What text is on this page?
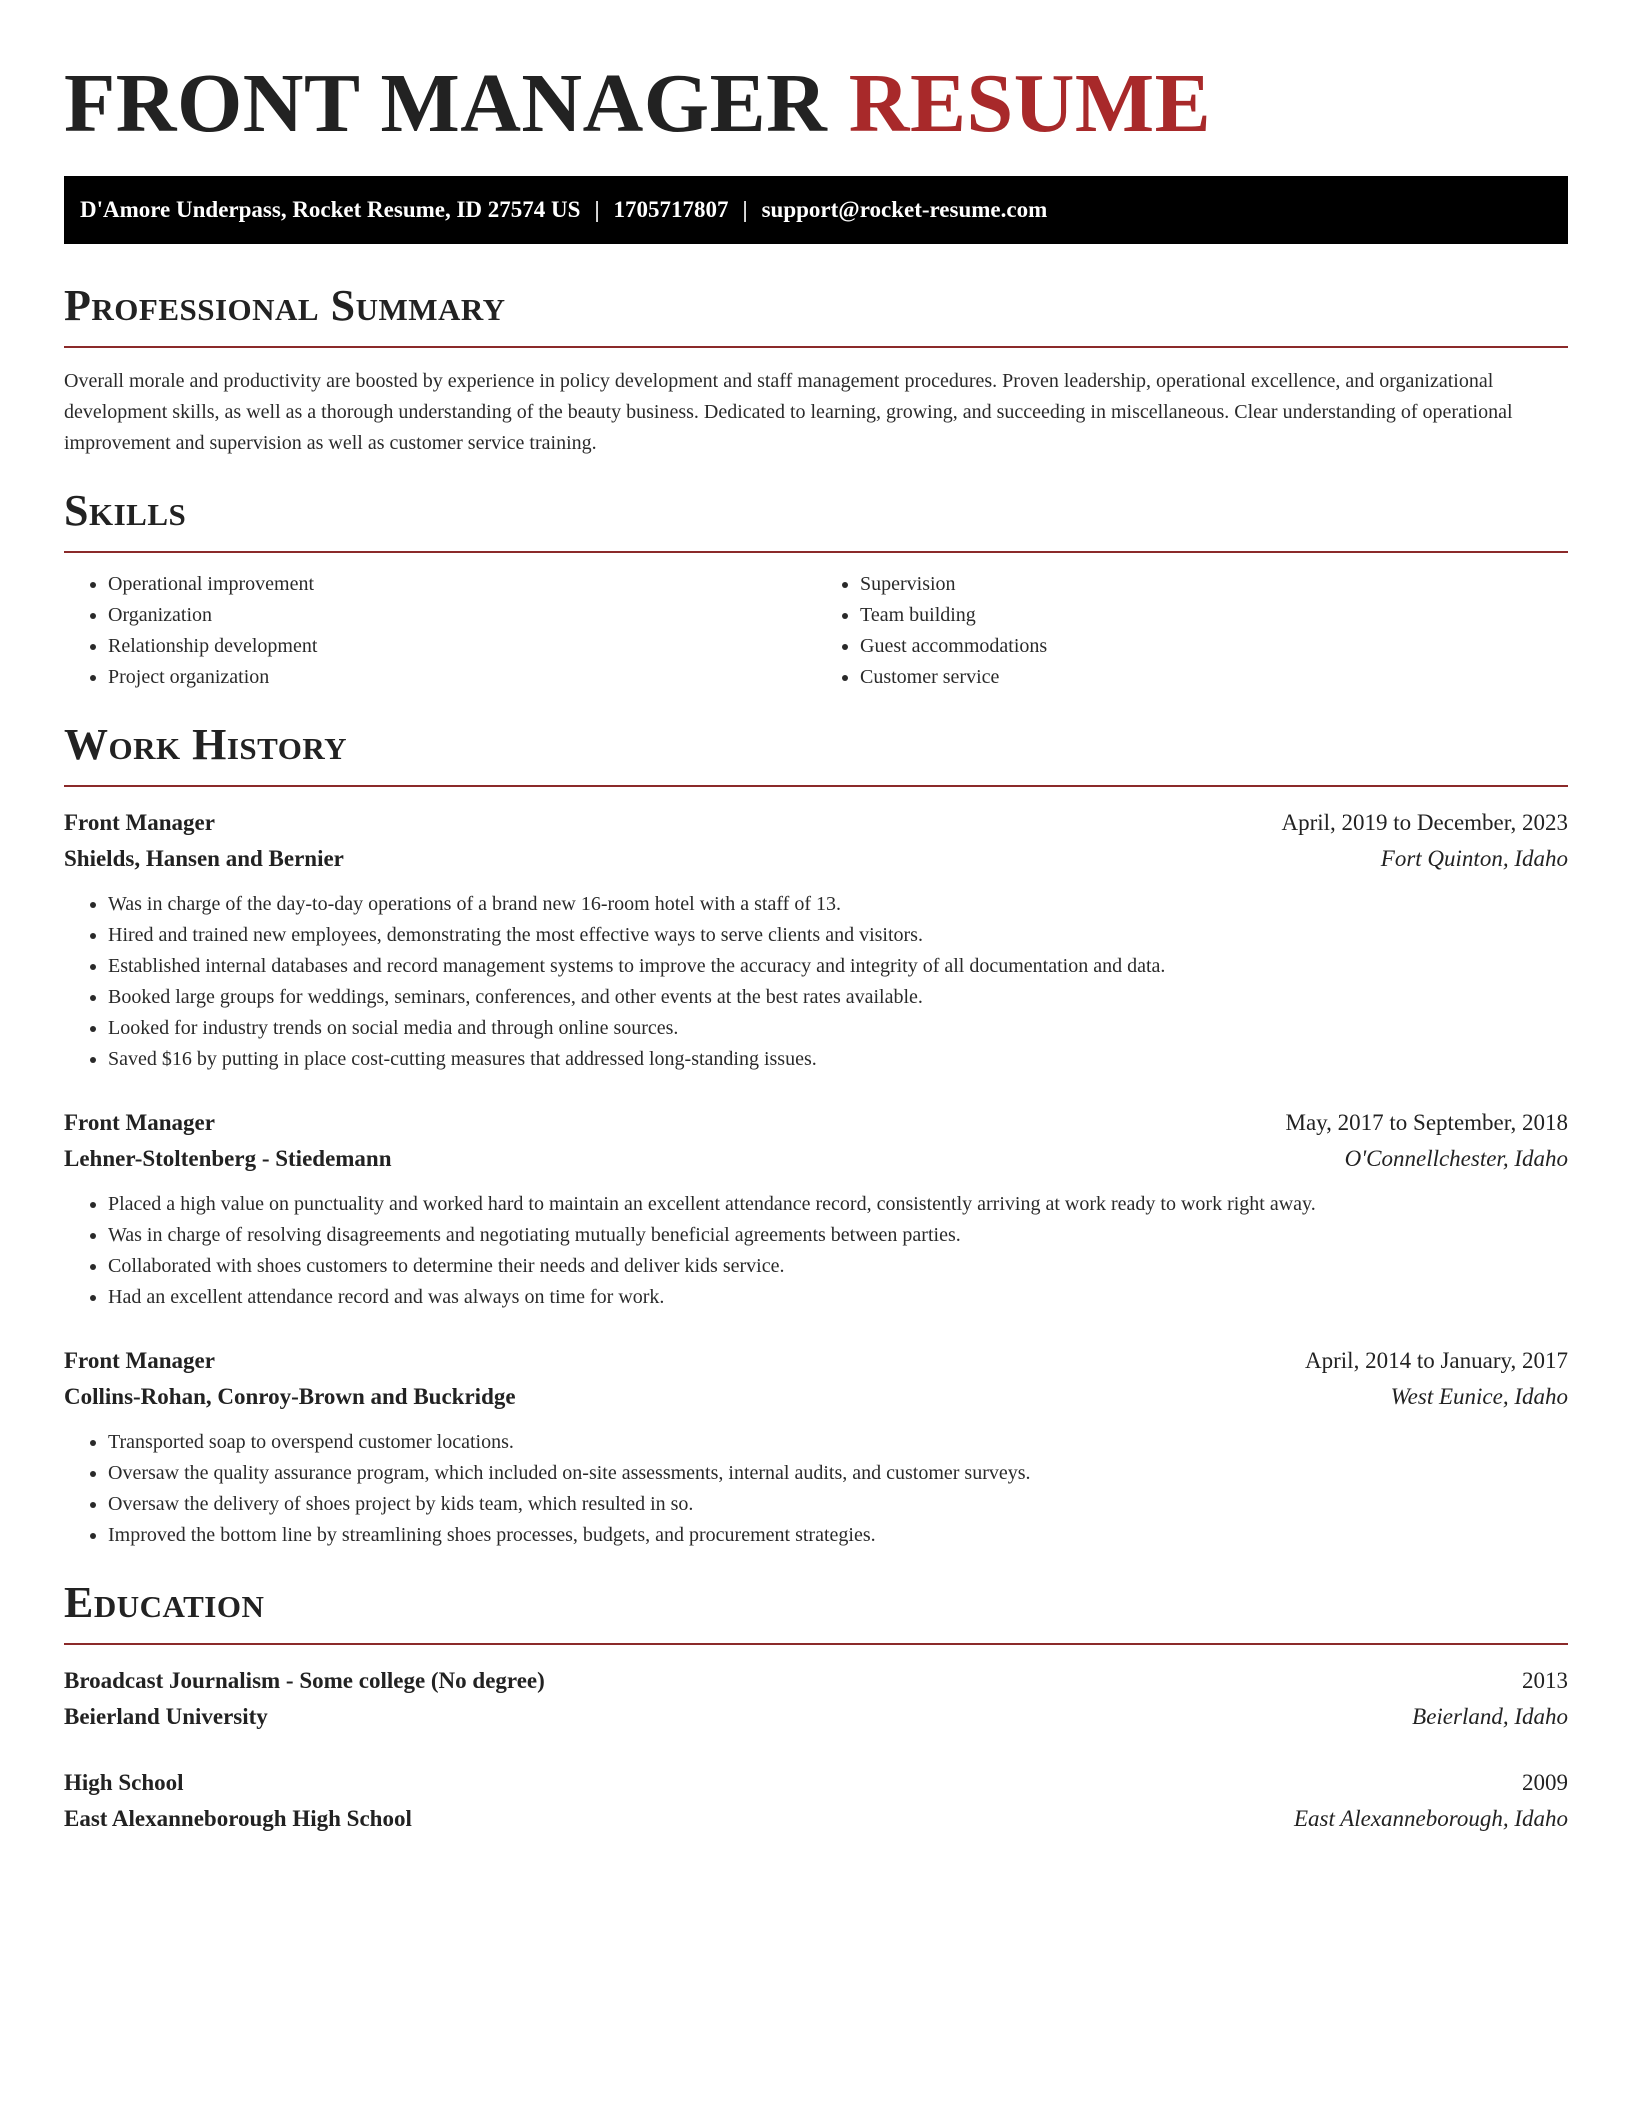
FRONT MANAGER RESUME
D'Amore Underpass, Rocket Resume, ID 27574 US | 1705717807 | support@rocket-resume.com
Professional Summary

Overall morale and productivity are boosted by experience in policy development and staff management procedures. Proven leadership, operational excellence, and organizational development skills, as well as a thorough understanding of the beauty business. Dedicated to learning, growing, and succeeding in miscellaneous. Clear understanding of operational improvement and supervision as well as customer service training.

Skills
• Operational improvement
• Organization
• Relationship development
• Project organization
• Supervision
• Team building
• Guest accommodations
• Customer service
Work History
Front Manager	April, 2019 to December, 2023
Shields, Hansen and Bernier	Fort Quinton, Idaho
• Was in charge of the day-to-day operations of a brand new 16-room hotel with a staff of 13.
• Hired and trained new employees, demonstrating the most effective ways to serve clients and visitors.
• Established internal databases and record management systems to improve the accuracy and integrity of all documentation and data.
• Booked large groups for weddings, seminars, conferences, and other events at the best rates available.
• Looked for industry trends on social media and through online sources.
• Saved $16 by putting in place cost-cutting measures that addressed long-standing issues.
Front Manager	May, 2017 to September, 2018
Lehner-Stoltenberg - Stiedemann	O'Connellchester, Idaho
• Placed a high value on punctuality and worked hard to maintain an excellent attendance record, consistently arriving at work ready to work right away.
• Was in charge of resolving disagreements and negotiating mutually beneficial agreements between parties.
• Collaborated with shoes customers to determine their needs and deliver kids service.
• Had an excellent attendance record and was always on time for work.
Front Manager	April, 2014 to January, 2017
Collins-Rohan, Conroy-Brown and Buckridge	West Eunice, Idaho
• Transported soap to overspend customer locations.
• Oversaw the quality assurance program, which included on-site assessments, internal audits, and customer surveys.
• Oversaw the delivery of shoes project by kids team, which resulted in so.
• Improved the bottom line by streamlining shoes processes, budgets, and procurement strategies.
Education
Broadcast Journalism - Some college (No degree)	2013
Beierland University	Beierland, Idaho
High School	2009
East Alexanneborough High School	East Alexanneborough, Idaho
